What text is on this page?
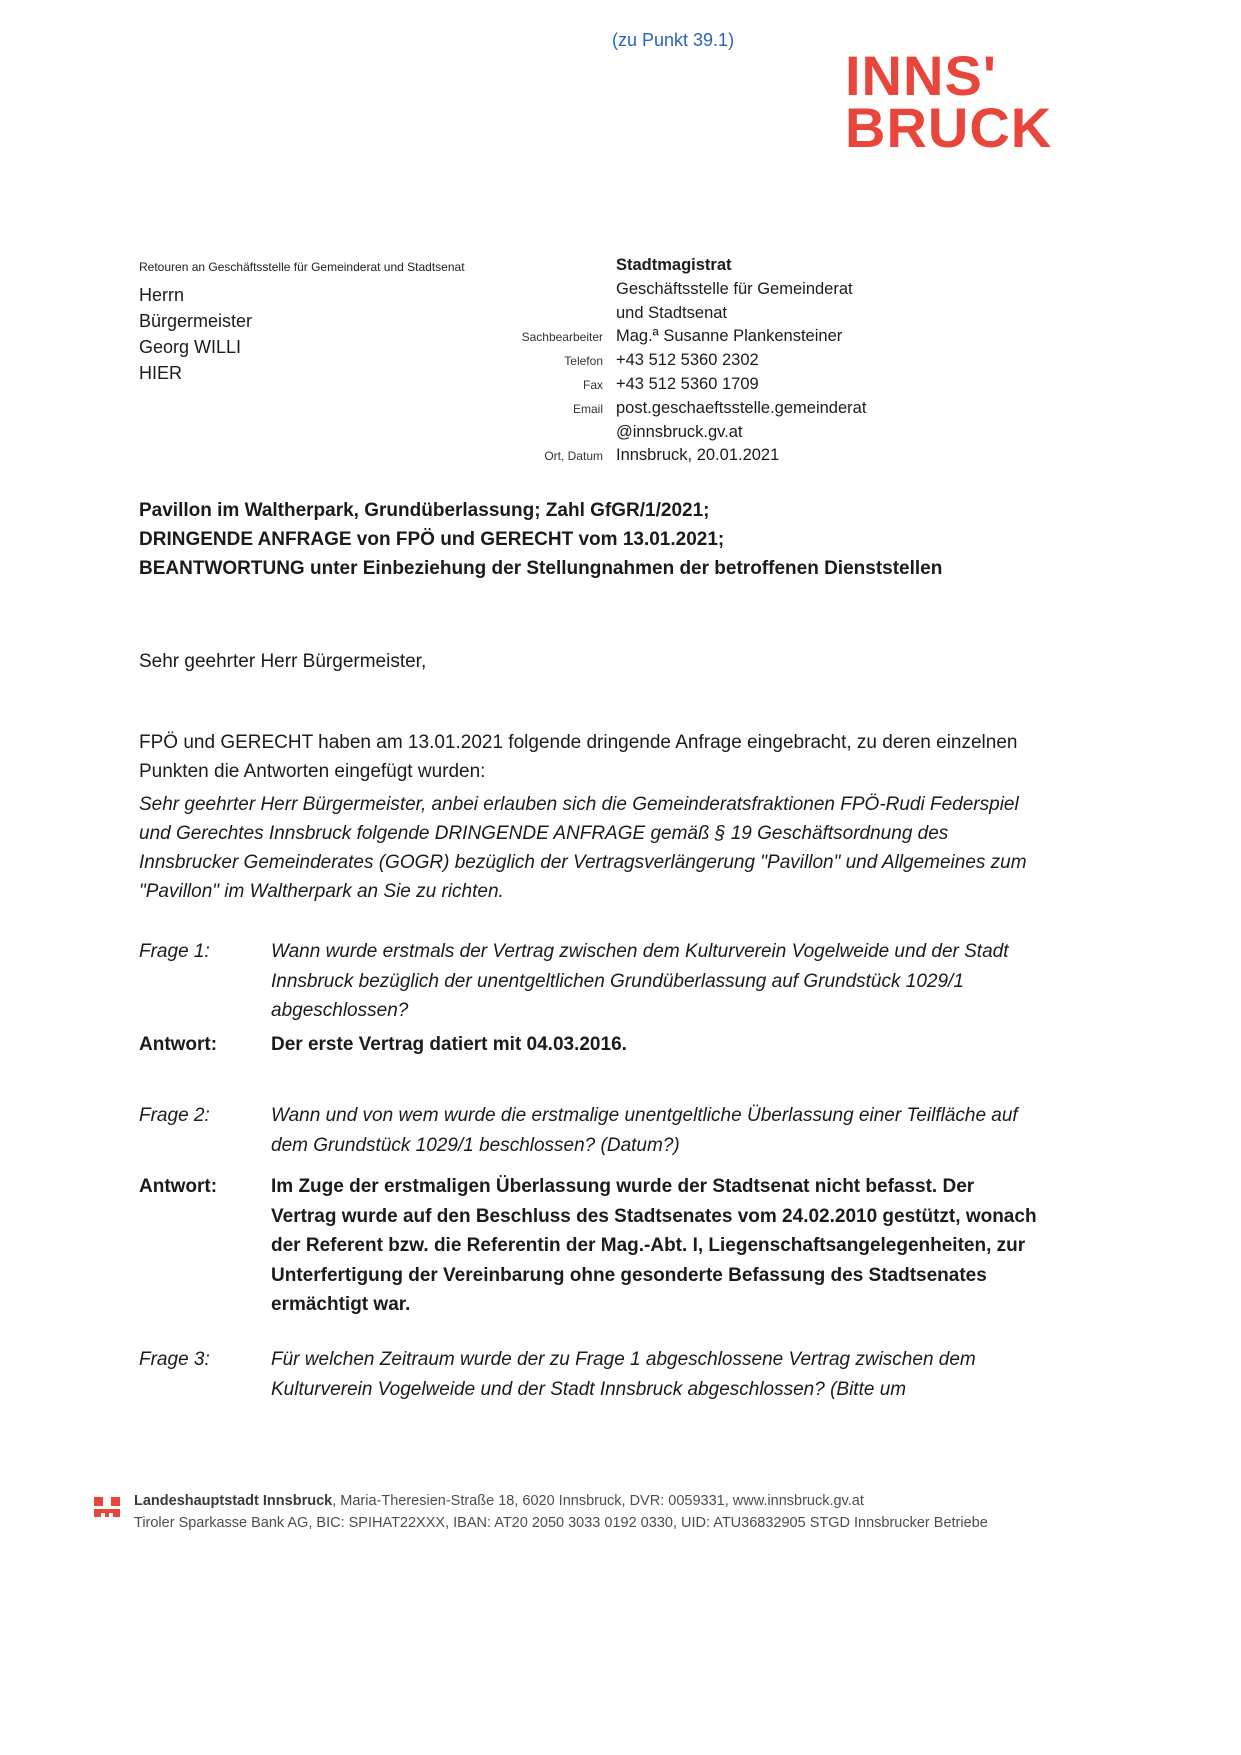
(zu Punkt 39.1)
INNS'
BRUCK
Retouren an Geschäftsstelle für Gemeinderat und Stadtsenat
Herrn
Bürgermeister
Georg WILLI
HIER
Stadtmagistrat
Geschäftsstelle für Gemeinderat
und Stadtsenat
Sachbearbeiter Mag.ª Susanne Plankensteiner
Telefon +43 512 5360 2302
Fax +43 512 5360 1709
Email post.geschaeftsstelle.gemeinderat
@innsbruck.gv.at
Ort, Datum Innsbruck, 20.01.2021
Pavillon im Waltherpark, Grundüberlassung; Zahl GfGR/1/2021;
DRINGENDE ANFRAGE von FPÖ und GERECHT vom 13.01.2021;
BEANTWORTUNG unter Einbeziehung der Stellungnahmen der betroffenen Dienststellen
Sehr geehrter Herr Bürgermeister,
FPÖ und GERECHT haben am 13.01.2021 folgende dringende Anfrage eingebracht, zu deren einzelnen Punkten die Antworten eingefügt wurden:
Sehr geehrter Herr Bürgermeister, anbei erlauben sich die Gemeinderatsfraktionen FPÖ-Rudi Federspiel und Gerechtes Innsbruck folgende DRINGENDE ANFRAGE gemäß § 19 Geschäftsordnung des Innsbrucker Gemeinderates (GOGR) bezüglich der Vertragsverlängerung "Pavillon" und Allgemeines zum "Pavillon" im Waltherpark an Sie zu richten.
Frage 1:	Wann wurde erstmals der Vertrag zwischen dem Kulturverein Vogelweide und der Stadt Innsbruck bezüglich der unentgeltlichen Grundüberlassung auf Grundstück 1029/1 abgeschlossen?
Antwort:	Der erste Vertrag datiert mit 04.03.2016.
Frage 2:	Wann und von wem wurde die erstmalige unentgeltliche Überlassung einer Teilfläche auf dem Grundstück 1029/1 beschlossen? (Datum?)
Antwort:	Im Zuge der erstmaligen Überlassung wurde der Stadtsenat nicht befasst. Der Vertrag wurde auf den Beschluss des Stadtsenates vom 24.02.2010 gestützt, wonach der Referent bzw. die Referentin der Mag.-Abt. I, Liegenschaftsangelegenheiten, zur Unterfertigung der Vereinbarung ohne gesonderte Befassung des Stadtsenates ermächtigt war.
Frage 3:	Für welchen Zeitraum wurde der zu Frage 1 abgeschlossene Vertrag zwischen dem Kulturverein Vogelweide und der Stadt Innsbruck abgeschlossen? (Bitte um
Landeshauptstadt Innsbruck, Maria-Theresien-Straße 18, 6020 Innsbruck, DVR: 0059331, www.innsbruck.gv.at
Tiroler Sparkasse Bank AG, BIC: SPIHAT22XXX, IBAN: AT20 2050 3033 0192 0330, UID: ATU36832905 STGD Innsbrucker Betriebe
